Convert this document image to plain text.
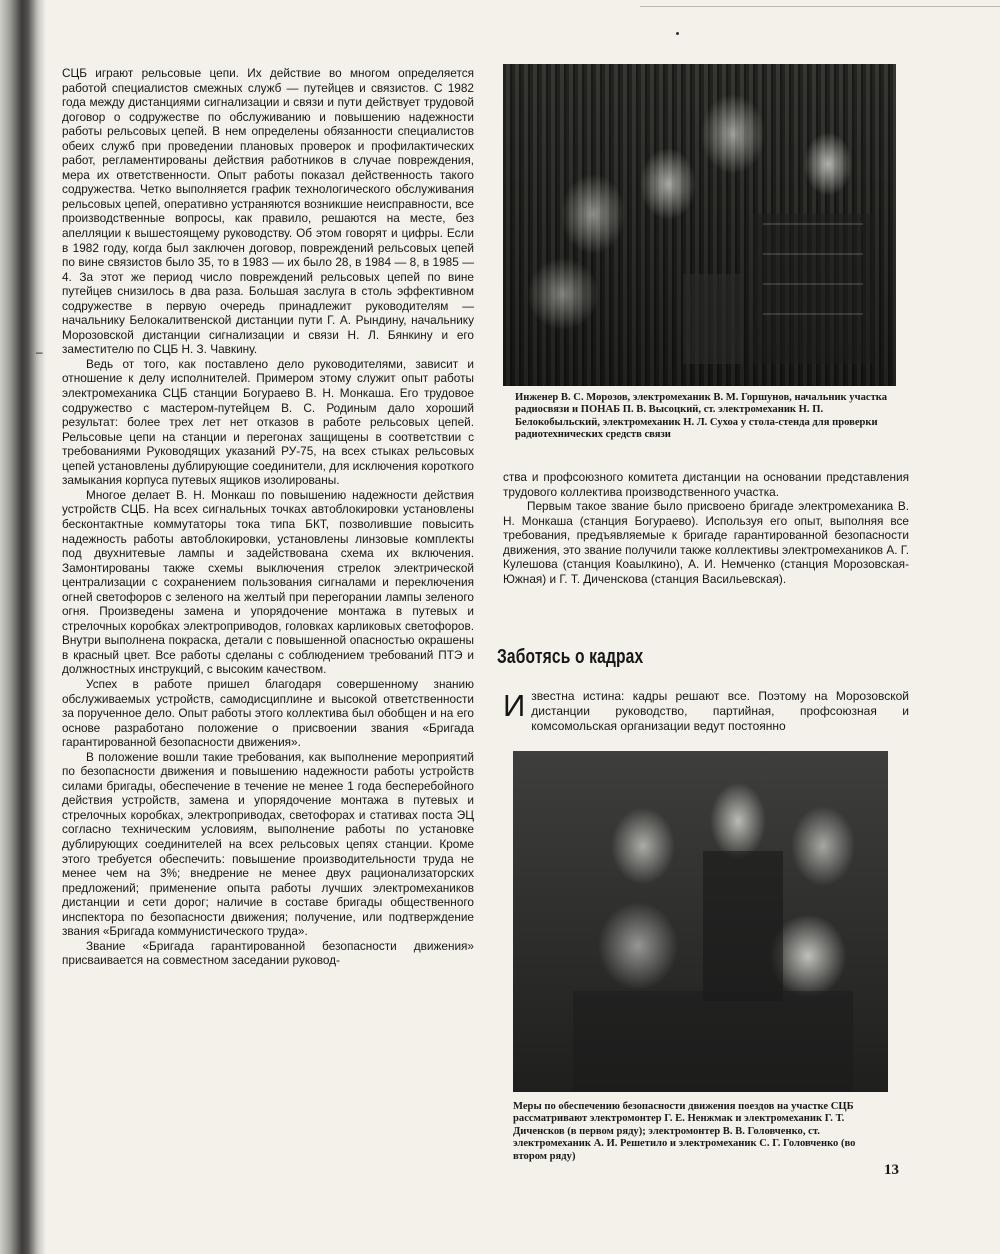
–

СЦБ играют рельсовые цепи. Их действие во многом определяется работой специалистов смежных служб — путейцев и связистов. С 1982 года между дистанциями сигнализации и связи и пути действует трудовой договор о содружестве по обслуживанию и повышению надежности работы рельсовых цепей. В нем определены обязанности специалистов обеих служб при проведении плановых проверок и профилактических работ, регламентированы действия работников в случае повреждения, мера их ответственности. Опыт работы показал действенность такого содружества. Четко выполняется график технологического обслуживания рельсовых цепей, оперативно устраняются возникшие неисправности, все производственные вопросы, как правило, решаются на месте, без апелляции к вышестоящему руководству. Об этом говорят и цифры. Если в 1982 году, когда был заключен договор, повреждений рельсовых цепей по вине связистов было 35, то в 1983 — их было 28, в 1984 — 8, в 1985 — 4. За этот же период число повреждений рельсовых цепей по вине путейцев снизилось в два раза. Большая заслуга в столь эффективном содружестве в первую очередь принадлежит руководителям — начальнику Белокалитвенской дистанции пути Г. А. Рындину, начальнику Морозовской дистанции сигнализации и связи Н. Л. Бянкину и его заместителю по СЦБ Н. З. Чавкину.

Ведь от того, как поставлено дело руководителями, зависит и отношение к делу исполнителей. Примером этому служит опыт работы электромеханика СЦБ станции Богураево В. Н. Монкаша. Его трудовое содружество с мастером-путейцем В. С. Родиным дало хороший результат: более трех лет нет отказов в работе рельсовых цепей. Рельсовые цепи на станции и перегонах защищены в соответствии с требованиями Руководящих указаний РУ-75, на всех стыках рельсовых цепей установлены дублирующие соединители, для исключения короткого замыкания корпуса путевых ящиков изолированы.

Многое делает В. Н. Монкаш по повышению надежности действия устройств СЦБ. На всех сигнальных точках автоблокировки установлены бесконтактные коммутаторы тока типа БКТ, позволившие повысить надежность работы автоблокировки, установлены линзовые комплекты под двухнитевые лампы и задействована схема их включения. Замонтированы также схемы выключения стрелок электрической централизации с сохранением пользования сигналами и переключения огней светофоров с зеленого на желтый при перегорании лампы зеленого огня. Произведены замена и упорядочение монтажа в путевых и стрелочных коробках электроприводов, головках карликовых светофоров. Внутри выполнена покраска, детали с повышенной опасностью окрашены в красный цвет. Все работы сделаны с соблюдением требований ПТЭ и должностных инструкций, с высоким качеством.

Успех в работе пришел благодаря совершенному знанию обслуживаемых устройств, самодисциплине и высокой ответственности за порученное дело. Опыт работы этого коллектива был обобщен и на его основе разработано положение о присвоении звания «Бригада гарантированной безопасности движения».

В положение вошли такие требования, как выполнение мероприятий по безопасности движения и повышению надежности работы устройств силами бригады, обеспечение в течение не менее 1 года бесперебойного действия устройств, замена и упорядочение монтажа в путевых и стрелочных коробках, электроприводах, светофорах и стативах поста ЭЦ согласно техническим условиям, выполнение работы по установке дублирующих соединителей на всех рельсовых цепях станции. Кроме этого требуется обеспечить: повышение производительности труда не менее чем на 3%; внедрение не менее двух рационализаторских предложений; применение опыта работы лучших электромехаников дистанции и сети дорог; наличие в составе бригады общественного инспектора по безопасности движения; получение, или подтверждение звания «Бригада коммунистического труда».

Звание «Бригада гарантированной безопасности движения» присваивается на совместном заседании руковод-

Инженер В. С. Морозов, электромеханик В. М. Горшунов, начальник участка радиосвязи и ПОНАБ П. В. Высоцкий, ст. электромеханик Н. П. Белокобыльский, электромеханик Н. Л. Сухоа у стола-стенда для проверки радиотехнических средств связи

ства и профсоюзного комитета дистанции на основании представления трудового коллектива производственного участка.

Первым такое звание было присвоено бригаде электромеханика В. Н. Монкаша (станция Богураево). Используя его опыт, выполняя все требования, предъявляемые к бригаде гарантированной безопасности движения, это звание получили также коллективы электромехаников А. Г. Кулешова (станция Коаылкино), А. И. Немченко (станция Морозовская-Южная) и Г. Т. Диченскова (станция Васильевская).

Заботясь о кадрах

Известна истина: кадры решают все. Поэтому на Морозовской дистанции руководство, партийная, профсоюзная и комсомольская организации ведут постоянно

Меры по обеспечению безопасности движения поездов на участке СЦБ рассматривают электромонтер Г. Е. Ненжмак и электромеханик Г. Т. Диченсков (в первом ряду); электромонтер В. В. Головченко, ст. электромеханик А. И. Решетило и электромеханик С. Г. Головченко (во втором ряду)

13
